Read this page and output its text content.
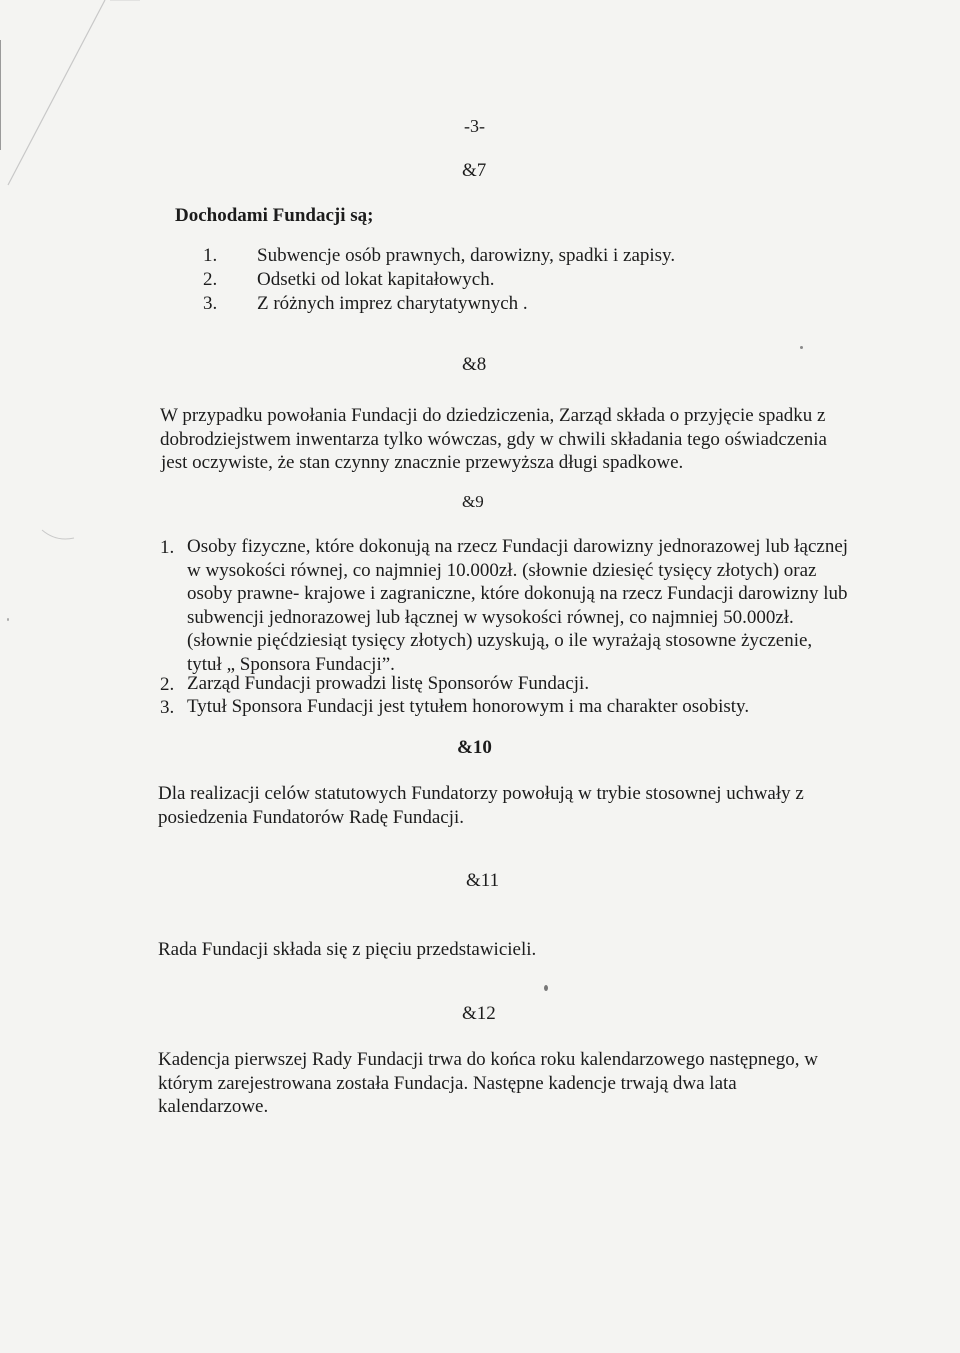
-3-
&7
Dochodami Fundacji są;
1. Subwencje osób prawnych, darowizny, spadki i zapisy.
2. Odsetki od lokat kapitałowych.
3. Z różnych imprez charytatywnych .
&8
W przypadku powołania Fundacji do dziedziczenia, Zarząd składa o przyjęcie spadku z
dobrodziejstwem inwentarza tylko wówczas, gdy w chwili składania tego oświadczenia
jest oczywiste, że stan czynny znacznie przewyższa długi spadkowe.
&9
1. Osoby fizyczne, które dokonują na rzecz Fundacji darowizny jednorazowej lub łącznej
w wysokości równej, co najmniej 10.000zł. (słownie dziesięć tysięcy złotych) oraz
osoby prawne- krajowe i zagraniczne, które dokonują na rzecz Fundacji darowizny lub
subwencji jednorazowej lub łącznej w wysokości równej, co najmniej 50.000zł.
(słownie pięćdziesiąt tysięcy złotych) uzyskują, o ile wyrażają stosowne życzenie,
tytuł „ Sponsora Fundacji”.
2. Zarząd Fundacji prowadzi listę Sponsorów Fundacji.
3. Tytuł Sponsora Fundacji jest tytułem honorowym i ma charakter osobisty.
&10
Dla realizacji celów statutowych Fundatorzy powołują w trybie stosownej uchwały z
posiedzenia Fundatorów Radę Fundacji.
&11
Rada Fundacji składa się z pięciu przedstawicieli.
&12
Kadencja pierwszej Rady Fundacji trwa do końca roku kalendarzowego następnego, w
którym zarejestrowana została Fundacja. Następne kadencje trwają dwa lata
kalendarzowe.
